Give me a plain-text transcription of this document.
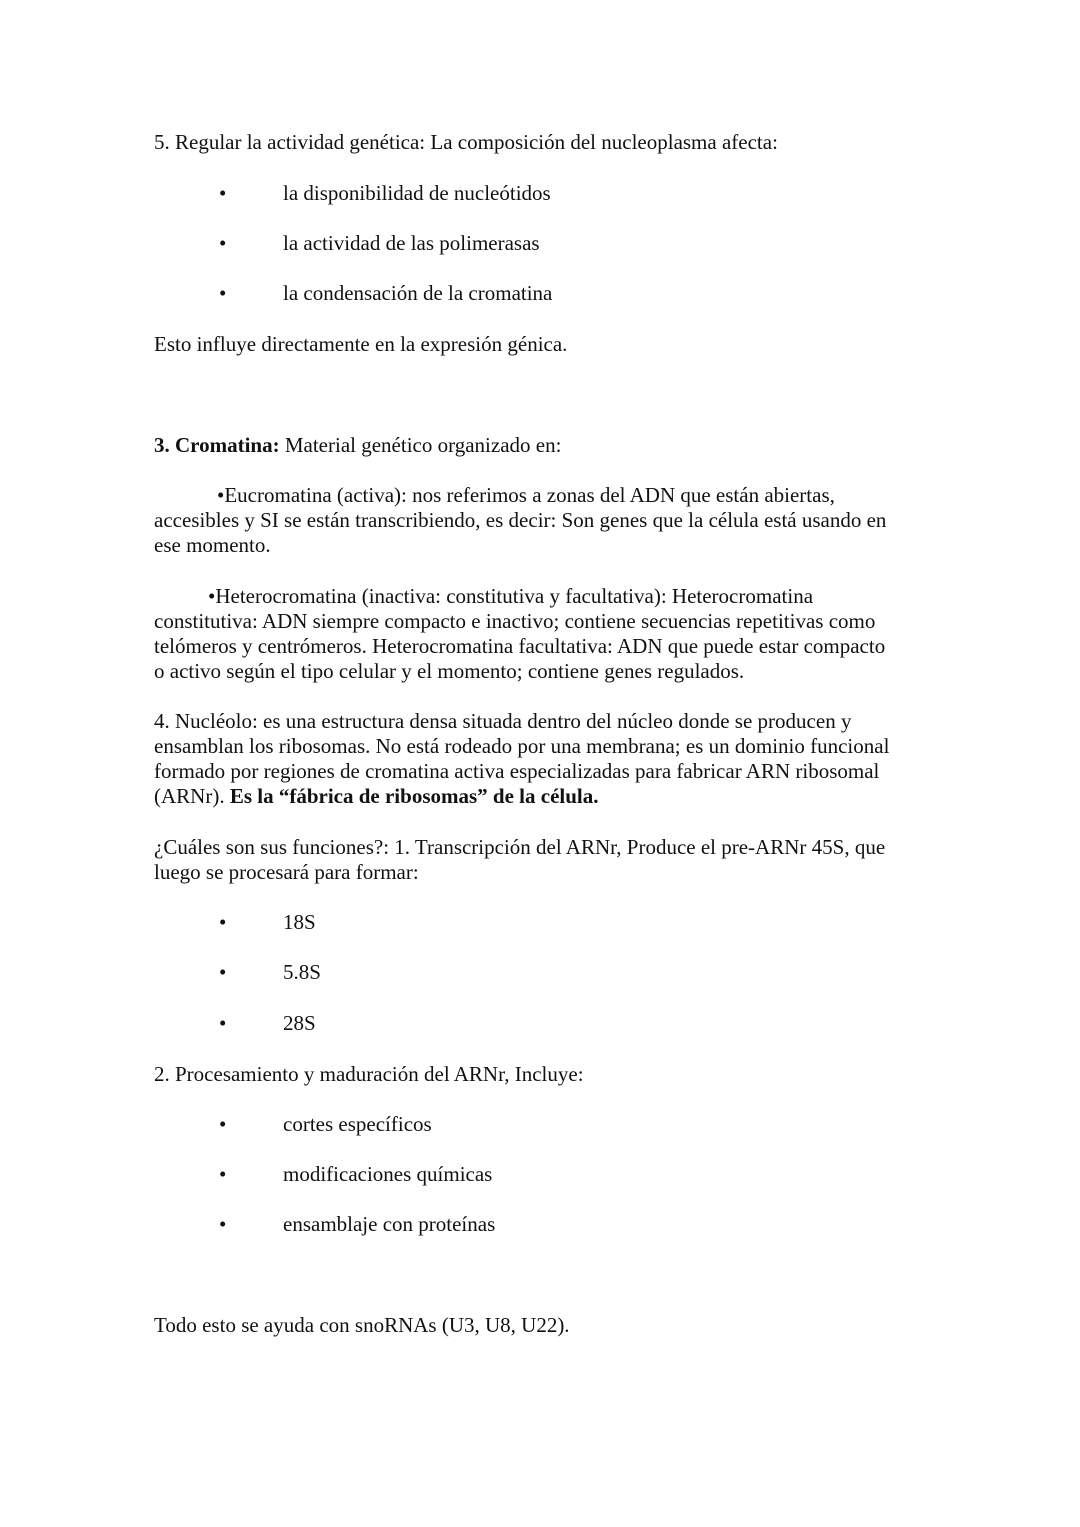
5. Regular la actividad genética: La composición del nucleoplasma afecta:
•	la disponibilidad de nucleótidos
•	la actividad de las polimerasas
•	la condensación de la cromatina
Esto influye directamente en la expresión génica.
3. Cromatina: Material genético organizado en:
•Eucromatina (activa): nos referimos a zonas del ADN que están abiertas,
accesibles y SI se están transcribiendo, es decir: Son genes que la célula está usando en
ese momento.
•Heterocromatina (inactiva: constitutiva y facultativa): Heterocromatina
constitutiva: ADN siempre compacto e inactivo; contiene secuencias repetitivas como
telómeros y centrómeros. Heterocromatina facultativa: ADN que puede estar compacto
o activo según el tipo celular y el momento; contiene genes regulados.
4. Nucléolo: es una estructura densa situada dentro del núcleo donde se producen y
ensamblan los ribosomas. No está rodeado por una membrana; es un dominio funcional
formado por regiones de cromatina activa especializadas para fabricar ARN ribosomal
(ARNr). Es la “fábrica de ribosomas” de la célula.
¿Cuáles son sus funciones?: 1. Transcripción del ARNr, Produce el pre-ARNr 45S, que
luego se procesará para formar:
•	18S
•	5.8S
•	28S
2. Procesamiento y maduración del ARNr, Incluye:
•	cortes específicos
•	modificaciones químicas
•	ensamblaje con proteínas
Todo esto se ayuda con snoRNAs (U3, U8, U22).
